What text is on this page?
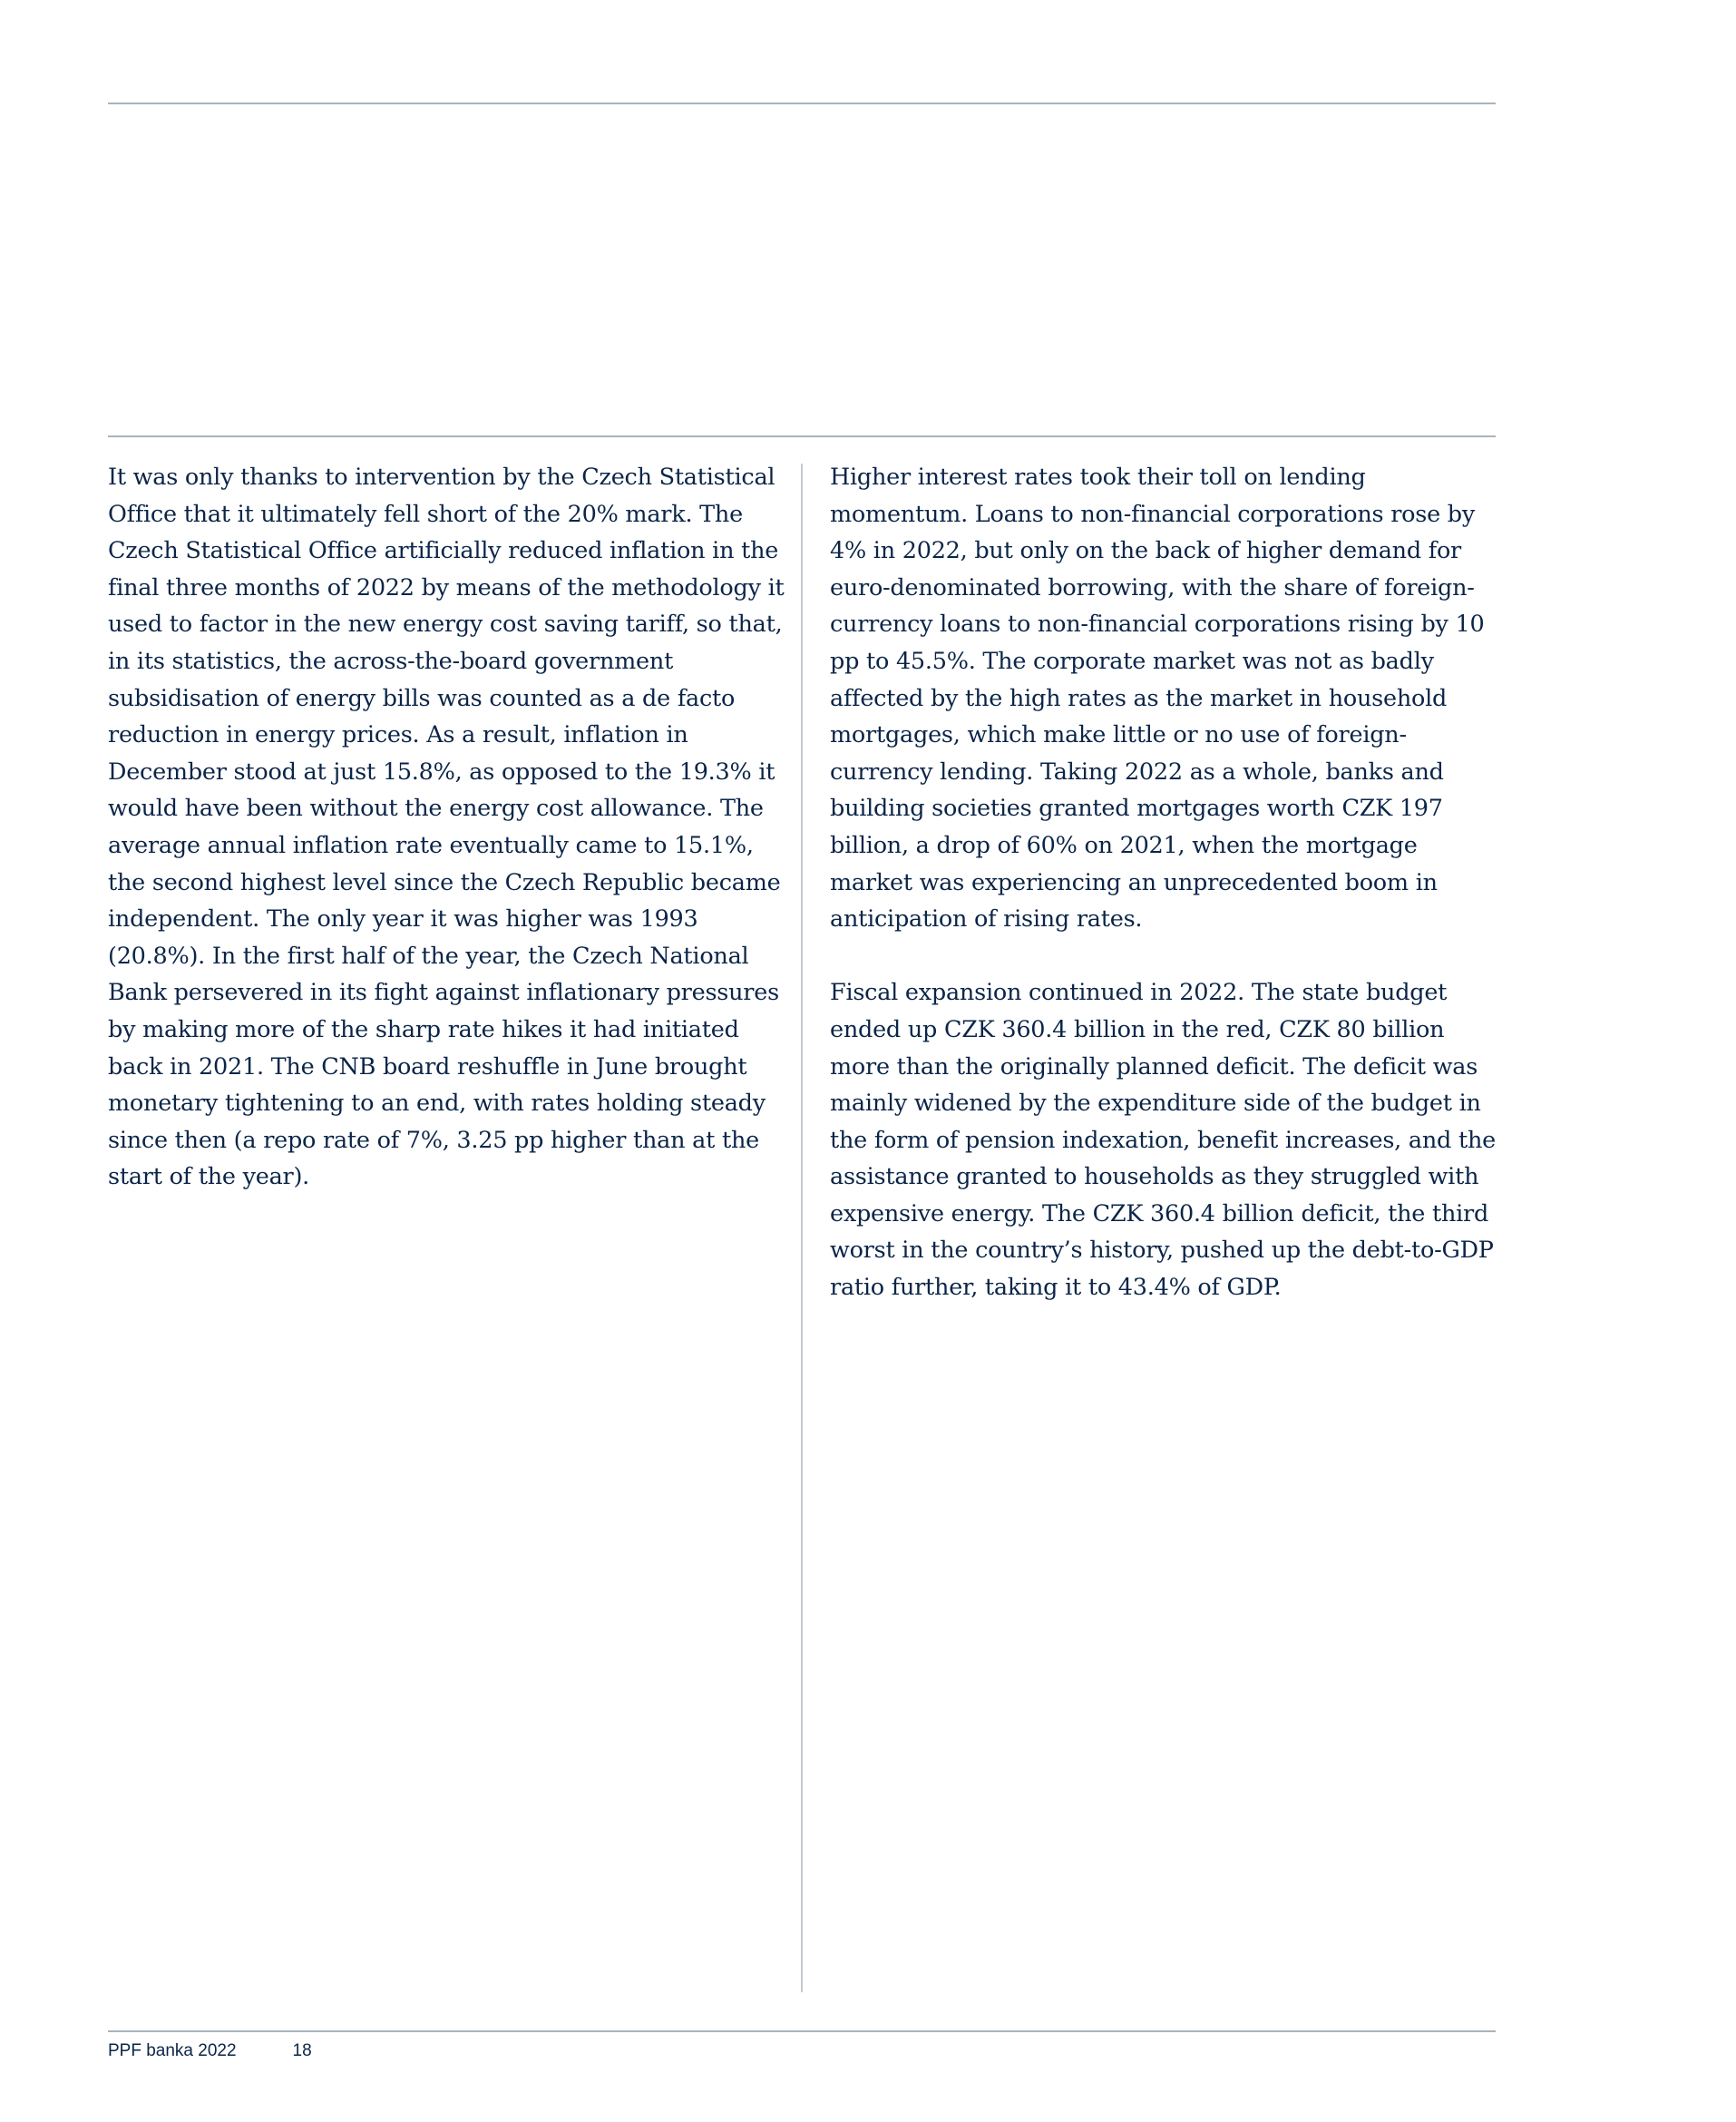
It was only thanks to intervention by the Czech Statistical Office that it ultimately fell short of the 20% mark. The Czech Statistical Office artificially reduced inflation in the final three months of 2022 by means of the methodology it used to factor in the new energy cost saving tariff, so that, in its statistics, the across-the-board government subsidisation of energy bills was counted as a de facto reduction in energy prices. As a result, inflation in December stood at just 15.8%, as opposed to the 19.3% it would have been without the energy cost allowance. The average annual inflation rate eventually came to 15.1%, the second highest level since the Czech Republic became independent. The only year it was higher was 1993 (20.8%). In the first half of the year, the Czech National Bank persevered in its fight against inflationary pressures by making more of the sharp rate hikes it had initiated back in 2021. The CNB board reshuffle in June brought monetary tightening to an end, with rates holding steady since then (a repo rate of 7%, 3.25 pp higher than at the start of the year).

Higher interest rates took their toll on lending momentum. Loans to non-financial corporations rose by 4% in 2022, but only on the back of higher demand for euro-denominated borrowing, with the share of foreign-currency loans to non-financial corporations rising by 10 pp to 45.5%. The corporate market was not as badly affected by the high rates as the market in household mortgages, which make little or no use of foreign-currency lending. Taking 2022 as a whole, banks and building societies granted mortgages worth CZK 197 billion, a drop of 60% on 2021, when the mortgage market was experiencing an unprecedented boom in anticipation of rising rates.

Fiscal expansion continued in 2022. The state budget ended up CZK 360.4 billion in the red, CZK 80 billion more than the originally planned deficit. The deficit was mainly widened by the expenditure side of the budget in the form of pension indexation, benefit increases, and the assistance granted to households as they struggled with expensive energy. The CZK 360.4 billion deficit, the third worst in the country’s history, pushed up the debt-to-GDP ratio further, taking it to 43.4% of GDP.

PPF banka 2022	18
